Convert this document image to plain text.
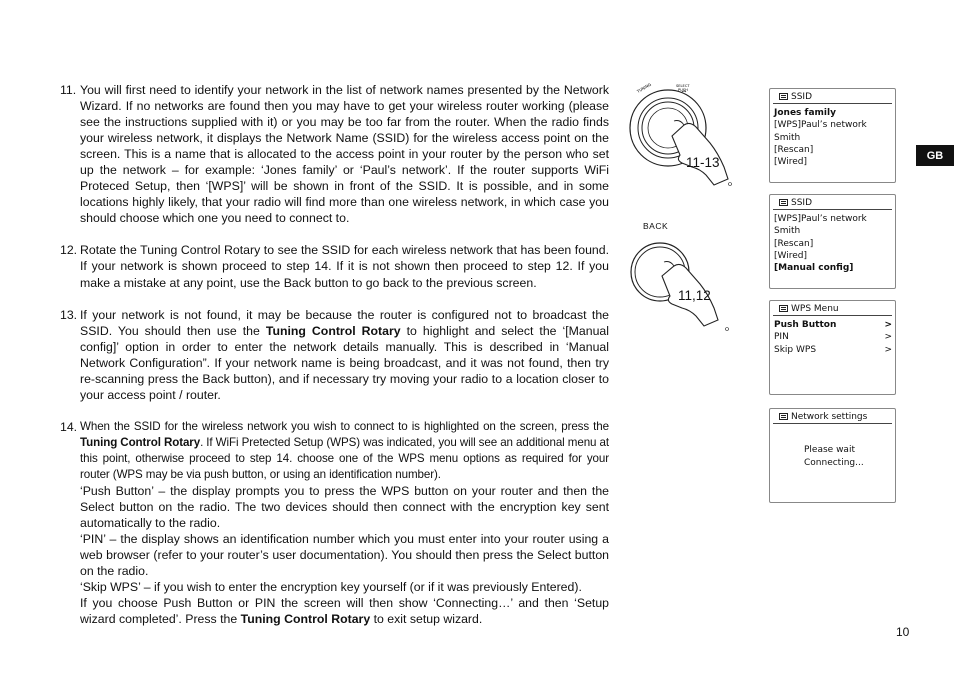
11. You will first need to identify your network in the list of network names presented by the Network Wizard. If no networks are found then you may have to get your wireless router working (please see the instructions supplied with it) or you may be too far from the router. When the radio finds your wireless network, it displays the Network Name (SSID) for the wireless access point on the screen. This is a name that is allocated to the access point in your router by the person who set up the network – for example: ‘Jones family’ or ‘Paul’s network’. If the router supports WiFi Proteced Setup, then ‘[WPS]’ will be shown in front of the SSID. It is possible, and in some locations highly likely, that your radio will find more than one wireless network, in which case you should choose which one you need to connect to.

12. Rotate the Tuning Control Rotary to see the SSID for each wireless network that has been found. If your network is shown proceed to step 14. If it is not shown then proceed to step 12. If you make a mistake at any point, use the Back button to go back to the previous screen.

13. If your network is not found, it may be because the router is configured not to broadcast the SSID. You should then use the Tuning Control Rotary to highlight and select the ‘[Manual config]’ option in order to enter the network details manually. This is described in ‘Manual Network Configuration”. If your network name is being broadcast, and it was not found, then try re-scanning press the Back button), and if necessary try moving your radio to a location closer to your access point / router.

14. When the SSID for the wireless network you wish to connect to is highlighted on the screen, press the Tuning Control Rotary. If WiFi Pretected Setup (WPS) was indicated, you will see an additional menu at this point, otherwise proceed to step 14. choose one of the WPS menu options as required for your router (WPS may be via push button, or using an identification number).

‘Push Button’ – the display prompts you to press the WPS button on your router and then the Select button on the radio. The two devices should then connect with the encryption key sent automatically to the radio.

‘PIN’ – the display shows an identification number which you must enter into your router using a web browser (refer to your router’s user documentation). You should then press the Select button on the radio.

‘Skip WPS’ – if you wish to enter the encryption key yourself (or if it was previously Entered).

If you choose Push Button or PIN the screen will then show ‘Connecting…’ and then ‘Setup wizard completed’. Press the Tuning Control Rotary to exit setup wizard.

TUNING	SELECT
PUSH
11-13
BACK
11,12
SSID
Jones family
[WPS]Paul’s network
Smith
[Rescan]
[Wired]
SSID
[WPS]Paul’s network
Smith
[Rescan]
[Wired]
[Manual config]
WPS Menu
Push Button	>
PIN	>
Skip WPS	>
Network settings
Please wait
Connecting...
GB
10
